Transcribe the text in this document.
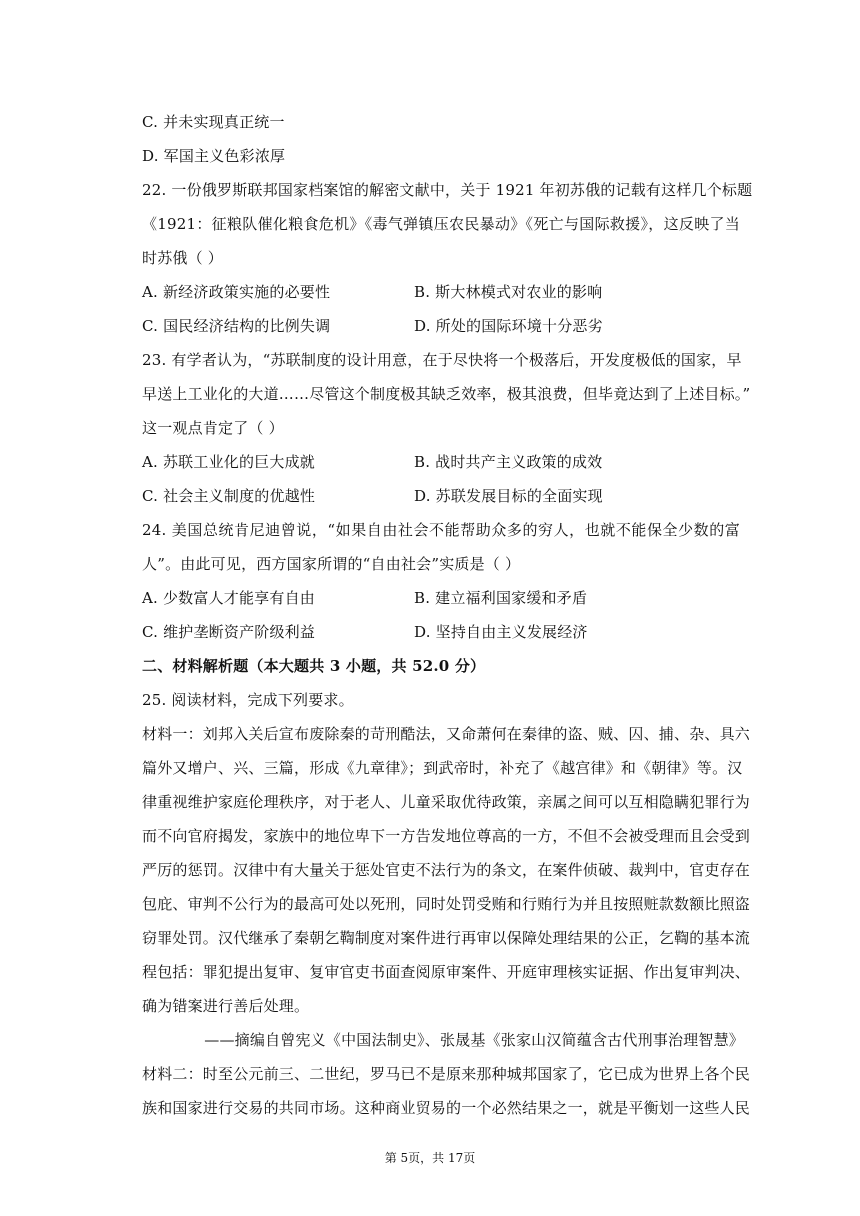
C. 并未实现真正统一
D. 军国主义色彩浓厚
22. 一份俄罗斯联邦国家档案馆的解密文献中，关于 1921 年初苏俄的记载有这样几个标题
《1921：征粮队催化粮食危机》《毒气弹镇压农民暴动》《死亡与国际救援》，这反映了当
时苏俄（ ）
A. 新经济政策实施的必要性	B. 斯大林模式对农业的影响
C. 国民经济结构的比例失调	D. 所处的国际环境十分恶劣
23. 有学者认为，“苏联制度的设计用意，在于尽快将一个极落后，开发度极低的国家，早
早送上工业化的大道……尽管这个制度极其缺乏效率，极其浪费，但毕竟达到了上述目标。”
这一观点肯定了（ ）
A. 苏联工业化的巨大成就	B. 战时共产主义政策的成效
C. 社会主义制度的优越性	D. 苏联发展目标的全面实现
24. 美国总统肯尼迪曾说，“如果自由社会不能帮助众多的穷人，也就不能保全少数的富
人”。由此可见，西方国家所谓的“自由社会”实质是（ ）
A. 少数富人才能享有自由	B. 建立福利国家缓和矛盾
C. 维护垄断资产阶级利益	D. 坚持自由主义发展经济
二、材料解析题（本大题共 3 小题，共 52.0 分）
25. 阅读材料，完成下列要求。
材料一：刘邦入关后宣布废除秦的苛刑酷法，又命萧何在秦律的盗、贼、囚、捕、杂、具六
篇外又增户、兴、三篇，形成《九章律》；到武帝时，补充了《越宫律》和《朝律》等。汉
律重视维护家庭伦理秩序，对于老人、儿童采取优待政策，亲属之间可以互相隐瞒犯罪行为
而不向官府揭发，家族中的地位卑下一方告发地位尊高的一方，不但不会被受理而且会受到
严厉的惩罚。汉律中有大量关于惩处官吏不法行为的条文，在案件侦破、裁判中，官吏存在
包庇、审判不公行为的最高可处以死刑，同时处罚受贿和行贿行为并且按照赃款数额比照盗
窃罪处罚。汉代继承了秦朝乞鞫制度对案件进行再审以保障处理结果的公正，乞鞫的基本流
程包括：罪犯提出复审、复审官吏书面查阅原审案件、开庭审理核实证据、作出复审判决、
确为错案进行善后处理。
——摘编自曾宪义《中国法制史》、张晟基《张家山汉简蕴含古代刑事治理智慧》
材料二：时至公元前三、二世纪，罗马已不是原来那种城邦国家了，它已成为世界上各个民
族和国家进行交易的共同市场。这种商业贸易的一个必然结果之一，就是平衡划一这些人民
第 5页，共 17页
